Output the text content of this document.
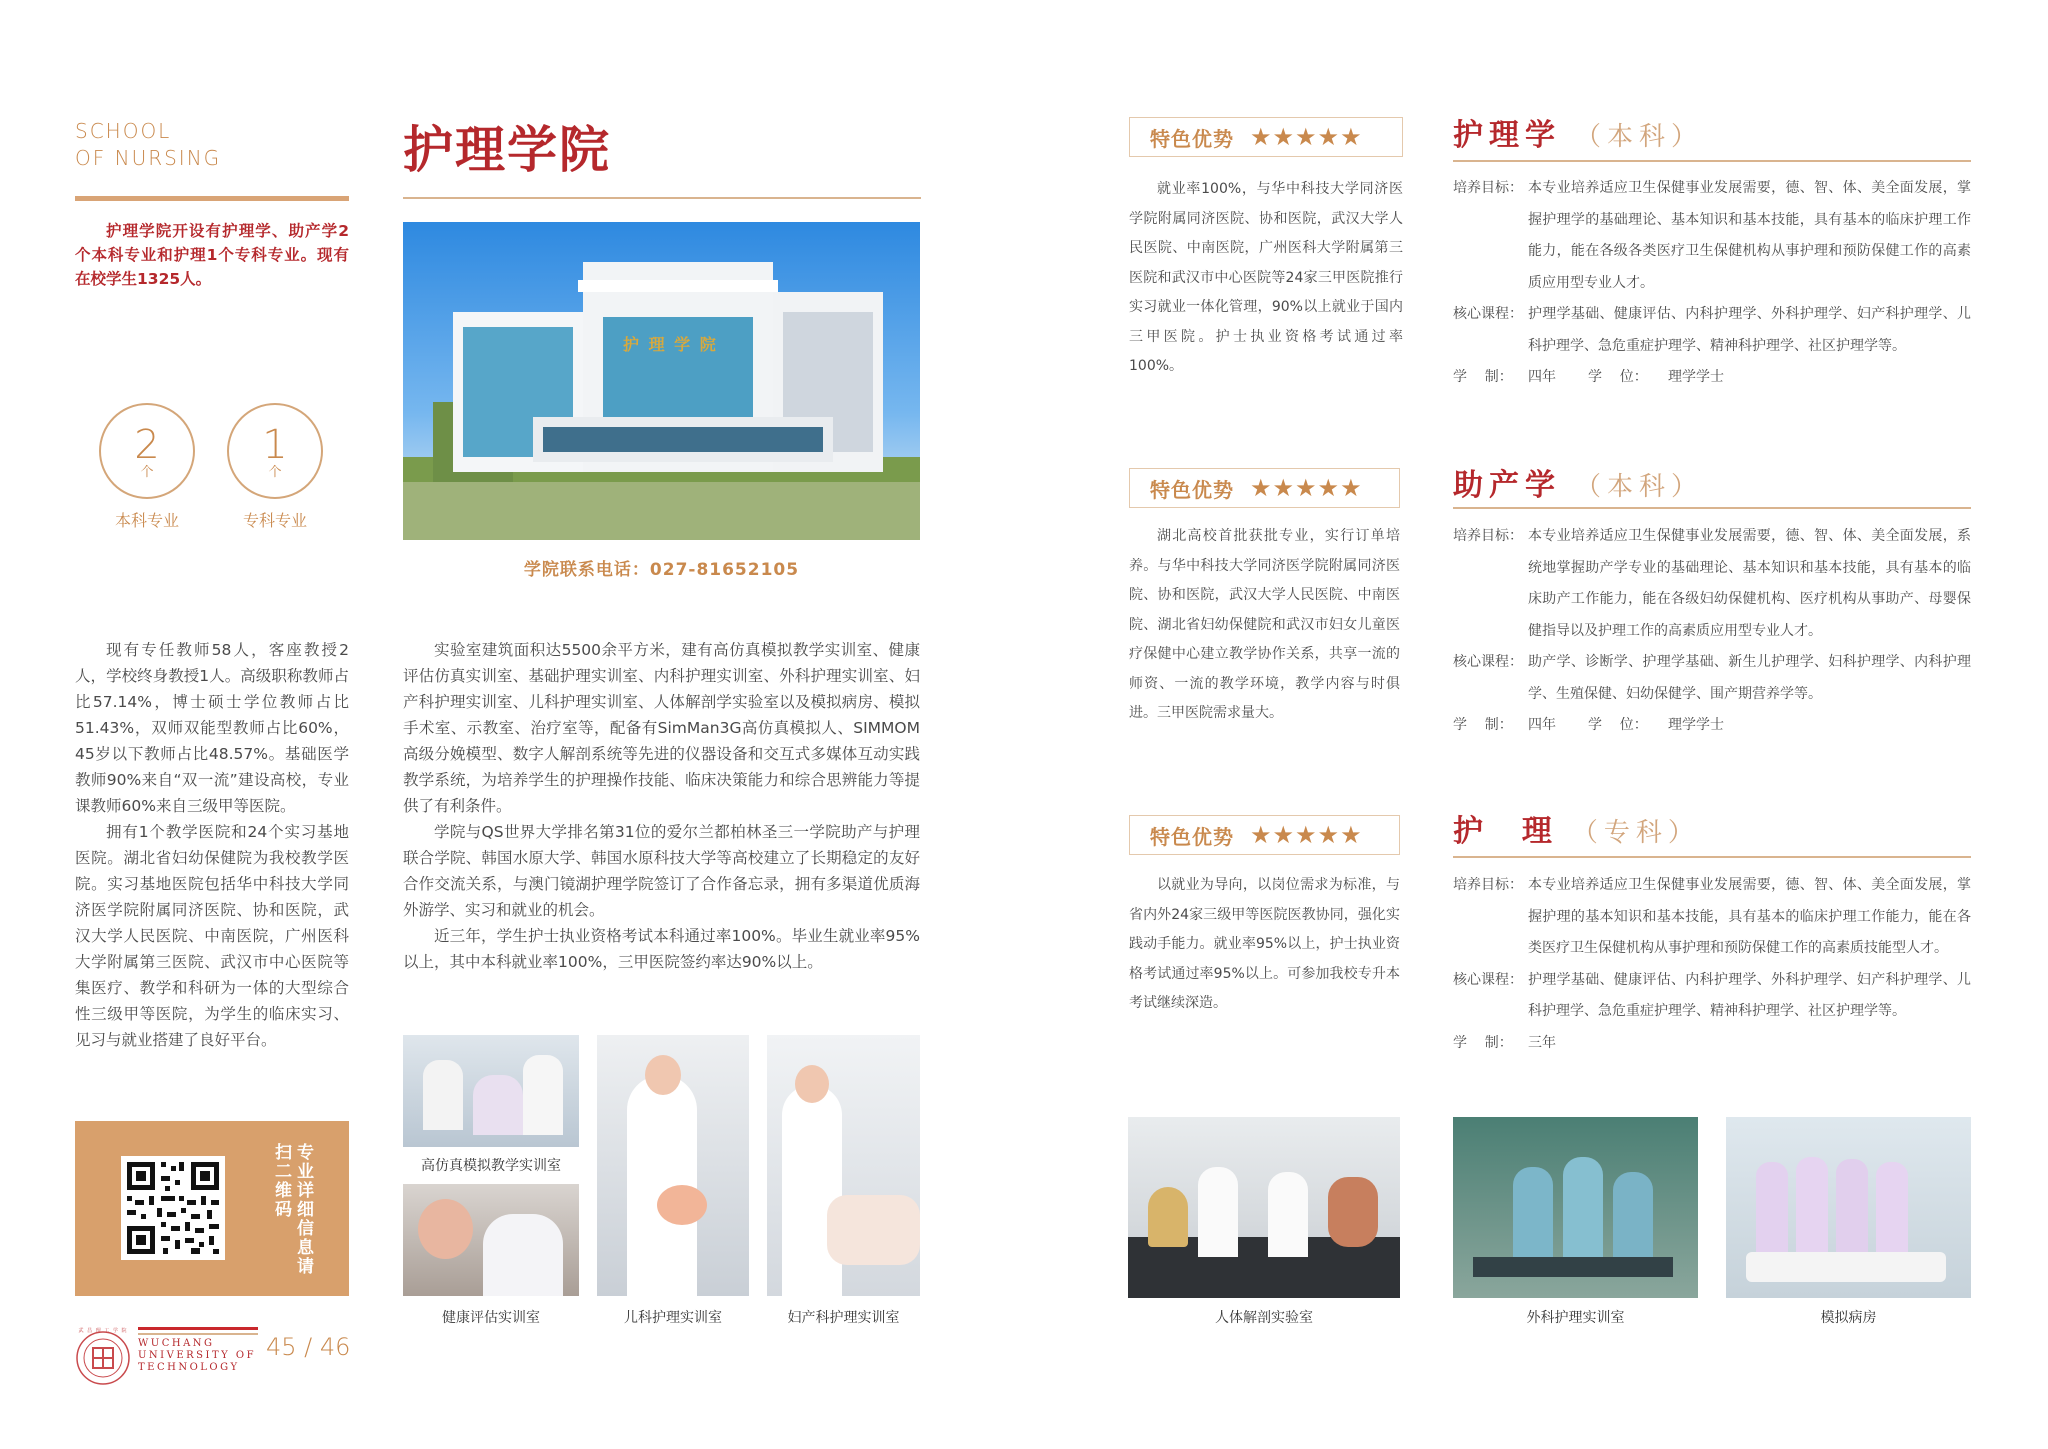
SCHOOL
OF NURSING
护理学院开设有护理学、助产学2个本科专业和护理1个专科专业。现有在校学生1325人。
2
个
本科专业
1
个
专科专业

现有专任教师58人，客座教授2人，学校终身教授1人。高级职称教师占比57.14%，博士硕士学位教师占比51.43%，双师双能型教师占比60%，45岁以下教师占比48.57%。基础医学教师90%来自“双一流”建设高校，专业课教师60%来自三级甲等医院。

拥有1个教学医院和24个实习基地医院。湖北省妇幼保健院为我校教学医院。实习基地医院包括华中科技大学同济医学院附属同济医院、协和医院，武汉大学人民医院、中南医院，广州医科大学附属第三医院、武汉市中心医院等集医疗、教学和科研为一体的大型综合性三级甲等医院，为学生的临床实习、见习与就业搭建了良好平台。

专业详细信息请扫二维码
武 昌 理 工 学 院
WUCHANG
UNIVERSITY OF
TECHNOLOGY
45 / 46
护理学院
护 理 学 院
学院联系电话：027-81652105

实验室建筑面积达5500余平方米，建有高仿真模拟教学实训室、健康评估仿真实训室、基础护理实训室、内科护理实训室、外科护理实训室、妇产科护理实训室、儿科护理实训室、人体解剖学实验室以及模拟病房、模拟手术室、示教室、治疗室等，配备有SimMan3G高仿真模拟人、SIMMOM高级分娩模型、数字人解剖系统等先进的仪器设备和交互式多媒体互动实践教学系统，为培养学生的护理操作技能、临床决策能力和综合思辨能力等提供了有利条件。

学院与QS世界大学排名第31位的爱尔兰都柏林圣三一学院助产与护理联合学院、韩国水原大学、韩国水原科技大学等高校建立了长期稳定的友好合作交流关系，与澳门镜湖护理学院签订了合作备忘录，拥有多渠道优质海外游学、实习和就业的机会。

近三年，学生护士执业资格考试本科通过率100%。毕业生就业率95%以上，其中本科就业率100%，三甲医院签约率达90%以上。

高仿真模拟教学实训室
健康评估实训室	儿科护理实训室	妇产科护理实训室
特色优势 ★ ★ ★ ★ ★

就业率100%，与华中科技大学同济医学院附属同济医院、协和医院，武汉大学人民医院、中南医院，广州医科大学附属第三医院和武汉市中心医院等24家三甲医院推行实习就业一体化管理，90%以上就业于国内三甲医院。护士执业资格考试通过率100%。

特色优势 ★ ★ ★ ★ ★

湖北高校首批获批专业，实行订单培养。与华中科技大学同济医学院附属同济医院、协和医院，武汉大学人民医院、中南医院、湖北省妇幼保健院和武汉市妇女儿童医疗保健中心建立教学协作关系，共享一流的师资、一流的教学环境，教学内容与时俱进。三甲医院需求量大。

特色优势 ★ ★ ★ ★ ★

以就业为导向，以岗位需求为标准，与省内外24家三级甲等医院医教协同，强化实践动手能力。就业率95%以上，护士执业资格考试通过率95%以上。可参加我校专升本考试继续深造。

护理学 （本科）
培养目标： 本专业培养适应卫生保健事业发展需要，德、智、体、美全面发展，掌握护理学的基础理论、基本知识和基本技能，具有基本的临床护理工作能力，能在各级各类医疗卫生保健机构从事护理和预防保健工作的高素质应用型专业人才。
核心课程： 护理学基础、健康评估、内科护理学、外科护理学、妇产科护理学、儿科护理学、急危重症护理学、精神科护理学、社区护理学等。
学    制：	四年	学    位：	理学学士
助产学 （本科）
培养目标： 本专业培养适应卫生保健事业发展需要，德、智、体、美全面发展，系统地掌握助产学专业的基础理论、基本知识和基本技能，具有基本的临床助产工作能力，能在各级妇幼保健机构、医疗机构从事助产、母婴保健指导以及护理工作的高素质应用型专业人才。
核心课程： 助产学、诊断学、护理学基础、新生儿护理学、妇科护理学、内科护理学、生殖保健、妇幼保健学、围产期营养学等。
学    制：	四年	学    位：	理学学士
护  理 （专科）
培养目标： 本专业培养适应卫生保健事业发展需要，德、智、体、美全面发展，掌握护理的基本知识和基本技能，具有基本的临床护理工作能力，能在各类医疗卫生保健机构从事护理和预防保健工作的高素质技能型人才。
核心课程： 护理学基础、健康评估、内科护理学、外科护理学、妇产科护理学、儿科护理学、急危重症护理学、精神科护理学、社区护理学等。
学    制：	三年
人体解剖实验室	外科护理实训室	模拟病房
